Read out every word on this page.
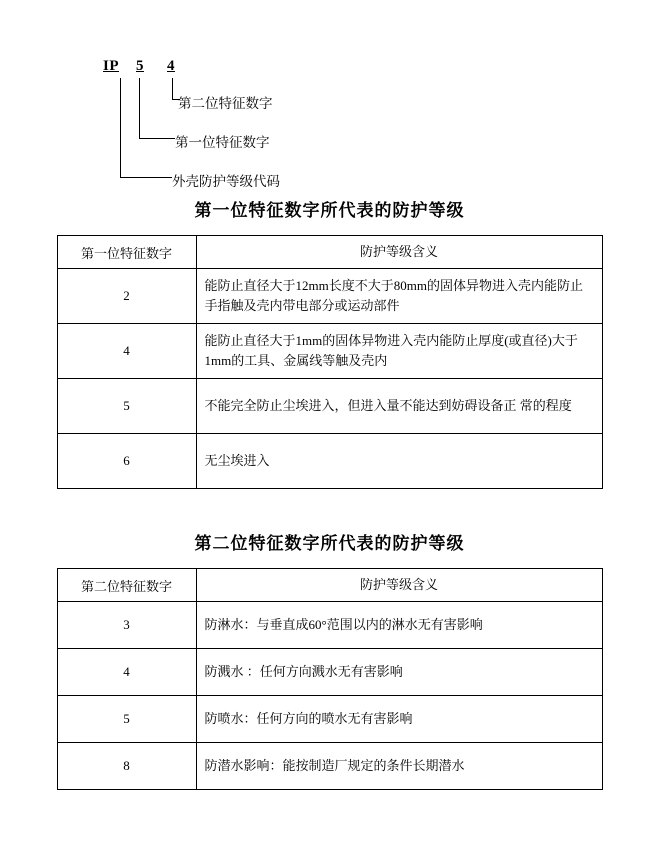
IP 5 4
第二位特征数字
第一位特征数字
外壳防护等级代码
第一位特征数字所代表的防护等级
第一位特征数字	防护等级含义
2	能防止直径大于12mm长度不大于80mm的固体异物进入壳内能防止手指触及壳内带电部分或运动部件
4	能防止直径大于1mm的固体异物进入壳内能防止厚度(或直径)大于1mm的工具、金属线等触及壳内
5	不能完全防止尘埃进入，但进入量不能达到妨碍设备正 常的程度
6	无尘埃进入
第二位特征数字所代表的防护等级
第二位特征数字	防护等级含义
3	防淋水：与垂直成60°范围以内的淋水无有害影响
4	防溅水 ：任何方向溅水无有害影响
5	防喷水：任何方向的喷水无有害影响
8	防潜水影响：能按制造厂规定的条件长期潜水
